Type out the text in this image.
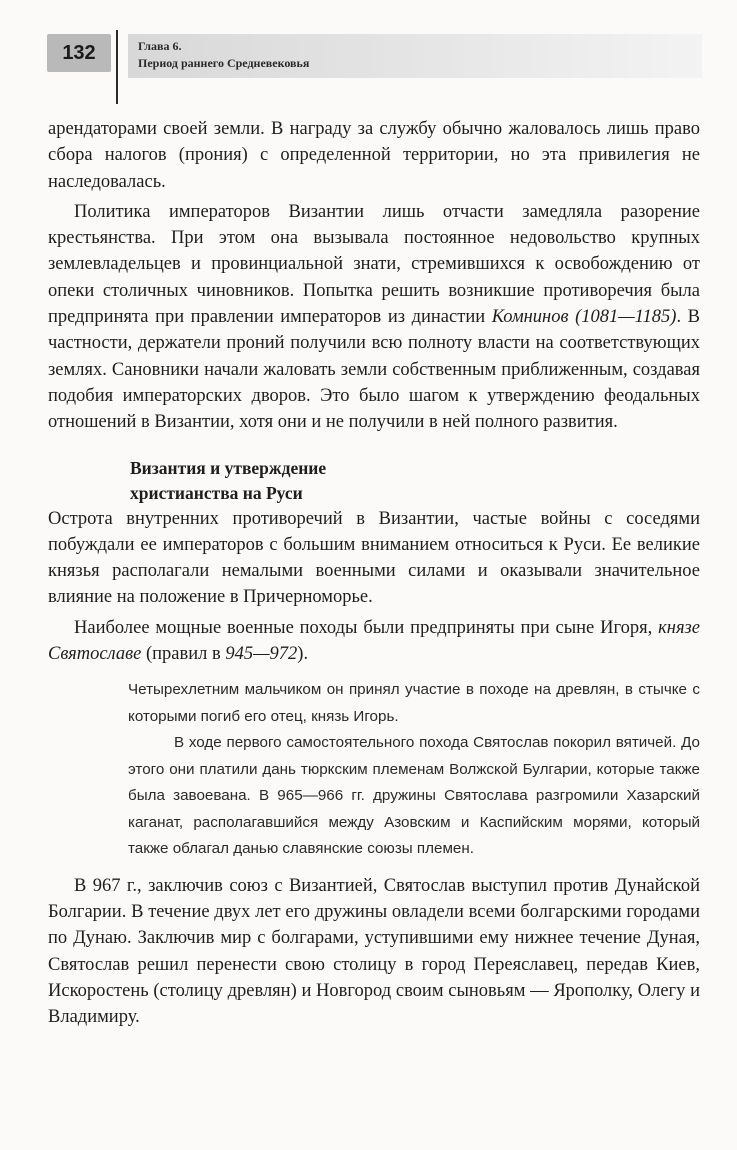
132	Глава 6.
Период раннего Средневековья

арендаторами своей земли. В награду за службу обычно жаловалось лишь право сбора налогов (прония) с определенной территории, но эта привилегия не наследовалась.

Политика императоров Византии лишь отчасти замедляла разорение крестьянства. При этом она вызывала постоянное недовольство крупных землевладельцев и провинциальной знати, стремившихся к освобождению от опеки столичных чиновников. Попытка решить возникшие противоречия была предпринята при правлении императоров из династии Комнинов (1081—1185). В частности, держатели проний получили всю полноту власти на соответствующих землях. Сановники начали жаловать земли собственным приближенным, создавая подобия императорских дворов. Это было шагом к утверждению феодальных отношений в Византии, хотя они и не получили в ней полного развития.

Византия и утверждение
христианства на Руси

Острота внутренних противоречий в Византии, частые войны с соседями побуждали ее императоров с большим вниманием относиться к Руси. Ее великие князья располагали немалыми военными силами и оказывали значительное влияние на положение в Причерноморье.

Наиболее мощные военные походы были предприняты при сыне Игоря, князе Святославе (правил в 945—972).

Четырехлетним мальчиком он принял участие в походе на древлян, в стычке с которыми погиб его отец, князь Игорь.

В ходе первого самостоятельного похода Святослав покорил вятичей. До этого они платили дань тюркским племенам Волжской Булгарии, которые также была завоевана. В 965—966 гг. дружины Святослава разгромили Хазарский каганат, располагавшийся между Азовским и Каспийским морями, который также облагал данью славянские союзы племен.

В 967 г., заключив союз с Византией, Святослав выступил против Дунайской Болгарии. В течение двух лет его дружины овладели всеми болгарскими городами по Дунаю. Заключив мир с болгарами, уступившими ему нижнее течение Дуная, Святослав решил перенести свою столицу в город Переяславец, передав Киев, Искоростень (столицу древлян) и Новгород своим сыновьям — Ярополку, Олегу и Владимиру.
